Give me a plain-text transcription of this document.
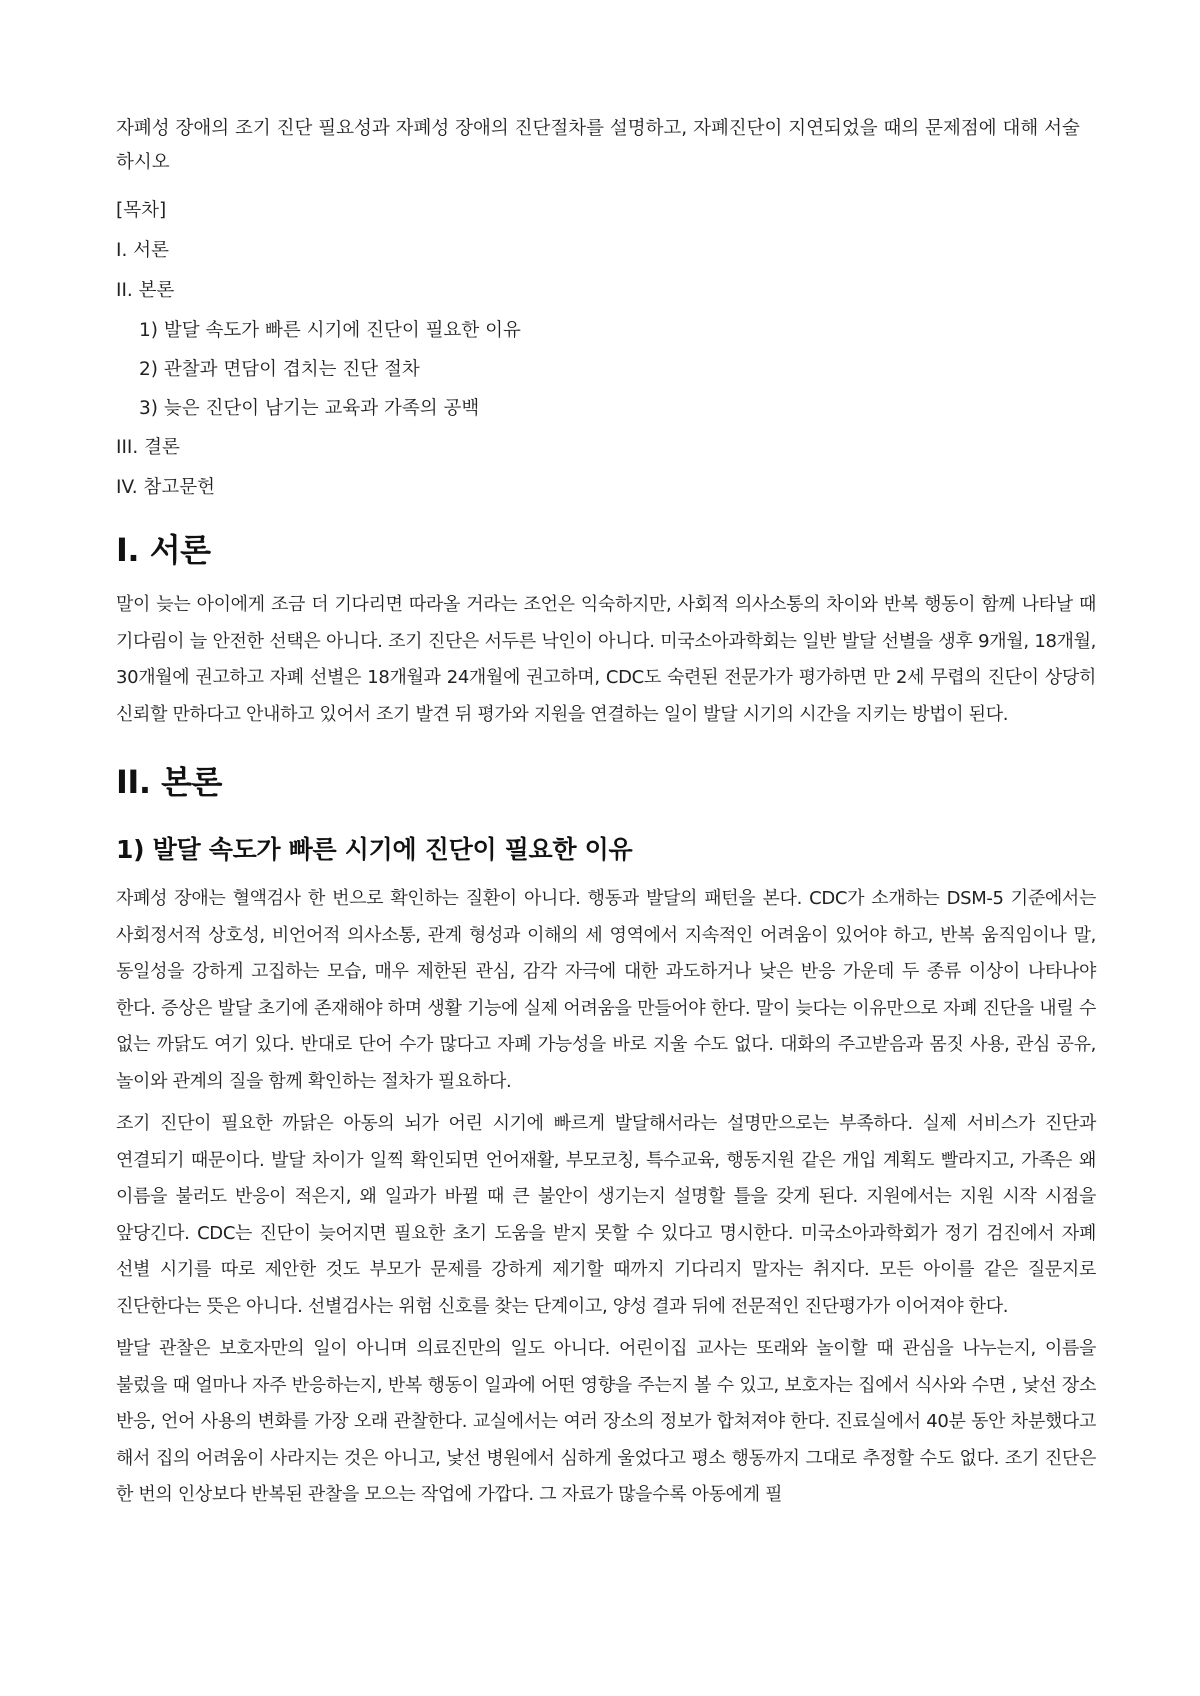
자폐성 장애의 조기 진단 필요성과 자폐성 장애의 진단절차를 설명하고, 자폐진단이 지연되었을 때의 문제점에 대해 서술하시오

[목차]

I. 서론
II. 본론
1) 발달 속도가 빠른 시기에 진단이 필요한 이유
2) 관찰과 면담이 겹치는 진단 절차
3) 늦은 진단이 남기는 교육과 가족의 공백
III. 결론
IV. 참고문헌
I. 서론

말이 늦는 아이에게 조금 더 기다리면 따라올 거라는 조언은 익숙하지만, 사회적 의사소통의 차이와 반복 행동이 함께 나타날 때 기다림이 늘 안전한 선택은 아니다. 조기 진단은 서두른 낙인이 아니다. 미국소아과학회는 일반 발달 선별을 생후 9개월, 18개월, 30개월에 권고하고 자폐 선별은 18개월과 24개월에 권고하며, CDC도 숙련된 전문가가 평가하면 만 2세 무렵의 진단이 상당히 신뢰할 만하다고 안내하고 있어서 조기 발견 뒤 평가와 지원을 연결하는 일이 발달 시기의 시간을 지키는 방법이 된다.

II. 본론
1) 발달 속도가 빠른 시기에 진단이 필요한 이유

자폐성 장애는 혈액검사 한 번으로 확인하는 질환이 아니다. 행동과 발달의 패턴을 본다. CDC가 소개하는 DSM-5 기준에서는 사회정서적 상호성, 비언어적 의사소통, 관계 형성과 이해의 세 영역에서 지속적인 어려움이 있어야 하고, 반복 움직임이나 말, 동일성을 강하게 고집하는 모습, 매우 제한된 관심, 감각 자극에 대한 과도하거나 낮은 반응 가운데 두 종류 이상이 나타나야 한다. 증상은 발달 초기에 존재해야 하며 생활 기능에 실제 어려움을 만들어야 한다. 말이 늦다는 이유만으로 자폐 진단을 내릴 수 없는 까닭도 여기 있다. 반대로 단어 수가 많다고 자폐 가능성을 바로 지울 수도 없다. 대화의 주고받음과 몸짓 사용, 관심 공유, 놀이와 관계의 질을 함께 확인하는 절차가 필요하다.

조기 진단이 필요한 까닭은 아동의 뇌가 어린 시기에 빠르게 발달해서라는 설명만으로는 부족하다. 실제 서비스가 진단과 연결되기 때문이다. 발달 차이가 일찍 확인되면 언어재활, 부모코칭, 특수교육, 행동지원 같은 개입 계획도 빨라지고, 가족은 왜 이름을 불러도 반응이 적은지, 왜 일과가 바뀔 때 큰 불안이 생기는지 설명할 틀을 갖게 된다. 지원에서는 지원 시작 시점을 앞당긴다. CDC는 진단이 늦어지면 필요한 초기 도움을 받지 못할 수 있다고 명시한다. 미국소아과학회가 정기 검진에서 자폐 선별 시기를 따로 제안한 것도 부모가 문제를 강하게 제기할 때까지 기다리지 말자는 취지다. 모든 아이를 같은 질문지로 진단한다는 뜻은 아니다. 선별검사는 위험 신호를 찾는 단계이고, 양성 결과 뒤에 전문적인 진단평가가 이어져야 한다.

발달 관찰은 보호자만의 일이 아니며 의료진만의 일도 아니다. 어린이집 교사는 또래와 놀이할 때 관심을 나누는지, 이름을 불렀을 때 얼마나 자주 반응하는지, 반복 행동이 일과에 어떤 영향을 주는지 볼 수 있고, 보호자는 집에서 식사와 수면 , 낯선 장소 반응, 언어 사용의 변화를 가장 오래 관찰한다. 교실에서는 여러 장소의 정보가 합쳐져야 한다. 진료실에서 40분 동안 차분했다고 해서 집의 어려움이 사라지는 것은 아니고, 낯선 병원에서 심하게 울었다고 평소 행동까지 그대로 추정할 수도 없다. 조기 진단은 한 번의 인상보다 반복된 관찰을 모으는 작업에 가깝다. 그 자료가 많을수록 아동에게 필
